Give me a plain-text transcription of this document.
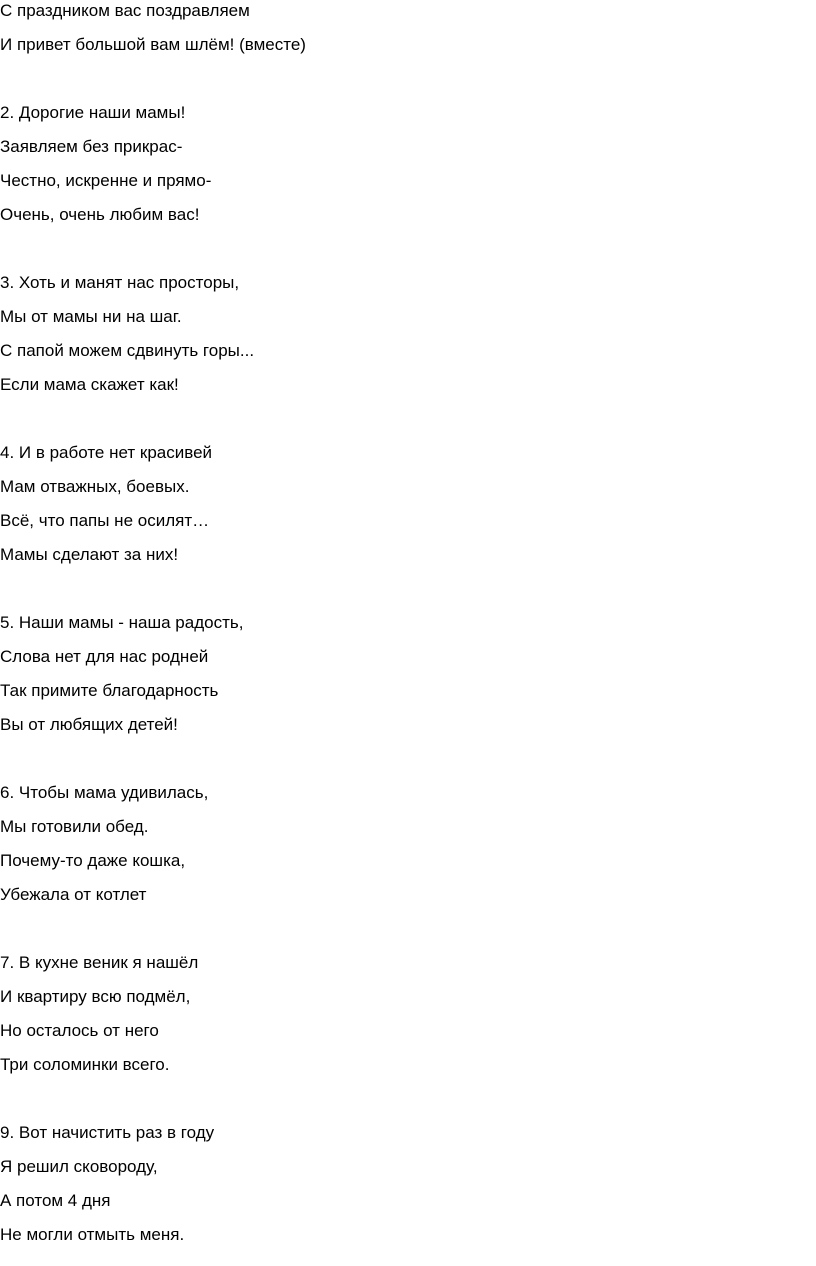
С праздником вас поздравляем
И привет большой вам шлём! (вместе)
2. Дорогие наши мамы!
Заявляем без прикрас-
Честно, искренне и прямо-
Очень, очень любим вас!
3. Хоть и манят нас просторы,
Мы от мамы ни на шаг.
С папой можем сдвинуть горы...
Если мама скажет как!
4. И в работе нет красивей
Мам отважных, боевых.
Всё, что папы не осилят…
Мамы сделают за них!
5. Наши мамы - наша радость,
Слова нет для нас родней
Так примите благодарность
Вы от любящих детей!
6. Чтобы мама удивилась,
Мы готовили обед.
Почему-то даже кошка,
Убежала от котлет
7. В кухне веник я нашёл
И квартиру всю подмёл,
Но осталось от него
Три соломинки всего.
9. Вот начистить раз в году
Я решил сковороду,
А потом 4 дня
Не могли отмыть меня.
